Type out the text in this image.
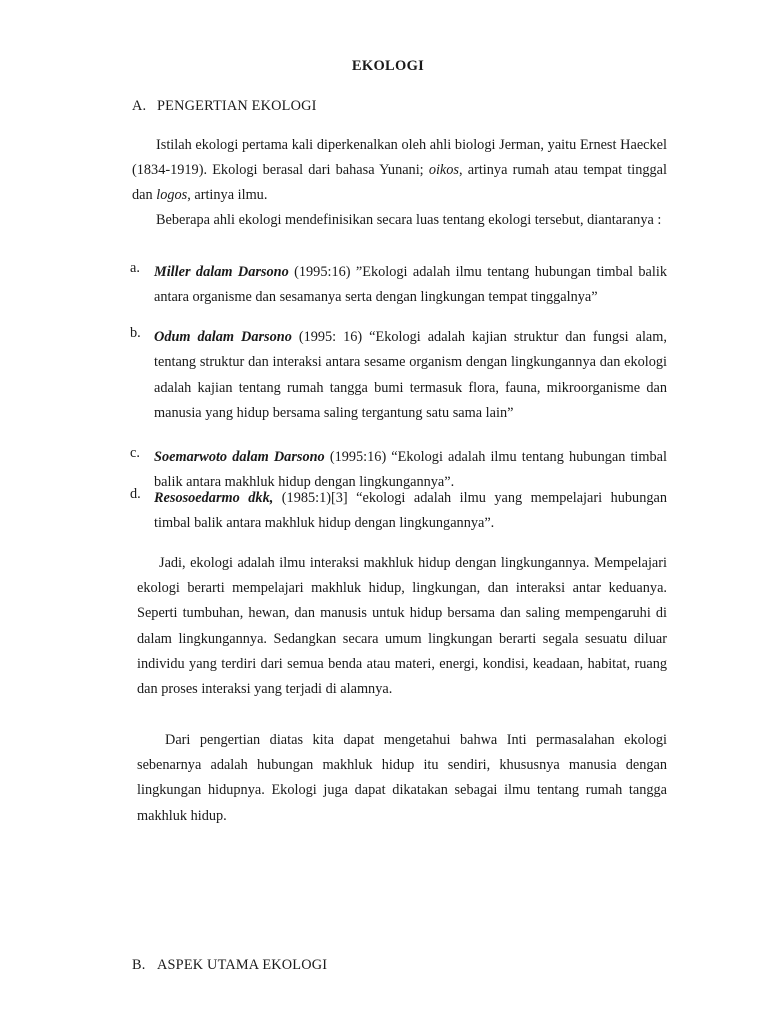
EKOLOGI
A. PENGERTIAN EKOLOGI

Istilah ekologi pertama kali diperkenalkan oleh ahli biologi Jerman, yaitu Ernest Haeckel (1834-1919). Ekologi berasal dari bahasa Yunani; oikos, artinya rumah atau tempat tinggal dan logos, artinya ilmu.

Beberapa ahli ekologi mendefinisikan secara luas tentang ekologi tersebut, diantaranya :

a. Miller dalam Darsono (1995:16) ”Ekologi adalah ilmu tentang hubungan timbal balik antara organisme dan sesamanya serta dengan lingkungan tempat tinggalnya”

b. Odum dalam Darsono (1995: 16) “Ekologi adalah kajian struktur dan fungsi alam, tentang struktur dan interaksi antara sesame organism dengan lingkungannya dan ekologi adalah kajian tentang rumah tangga bumi termasuk flora, fauna, mikroorganisme dan manusia yang hidup bersama saling tergantung satu sama lain”

c. Soemarwoto dalam Darsono (1995:16) “Ekologi adalah ilmu tentang hubungan timbal balik antara makhluk hidup dengan lingkungannya”.

d. Resosoedarmo dkk, (1985:1)[3] “ekologi adalah ilmu yang mempelajari hubungan timbal balik antara makhluk hidup dengan lingkungannya”.

Jadi, ekologi adalah ilmu interaksi makhluk hidup dengan lingkungannya. Mempelajari ekologi berarti mempelajari makhluk hidup, lingkungan, dan interaksi antar keduanya. Seperti tumbuhan, hewan, dan manusis untuk hidup bersama dan saling mempengaruhi di dalam lingkungannya. Sedangkan secara umum lingkungan berarti segala sesuatu diluar individu yang terdiri dari semua benda atau materi, energi, kondisi, keadaan, habitat, ruang dan proses interaksi yang terjadi di alamnya.

Dari pengertian diatas kita dapat mengetahui bahwa Inti permasalahan ekologi sebenarnya adalah hubungan makhluk hidup itu sendiri, khususnya manusia dengan lingkungan hidupnya. Ekologi juga dapat dikatakan sebagai ilmu tentang rumah tangga makhluk hidup.

B. ASPEK UTAMA EKOLOGI
